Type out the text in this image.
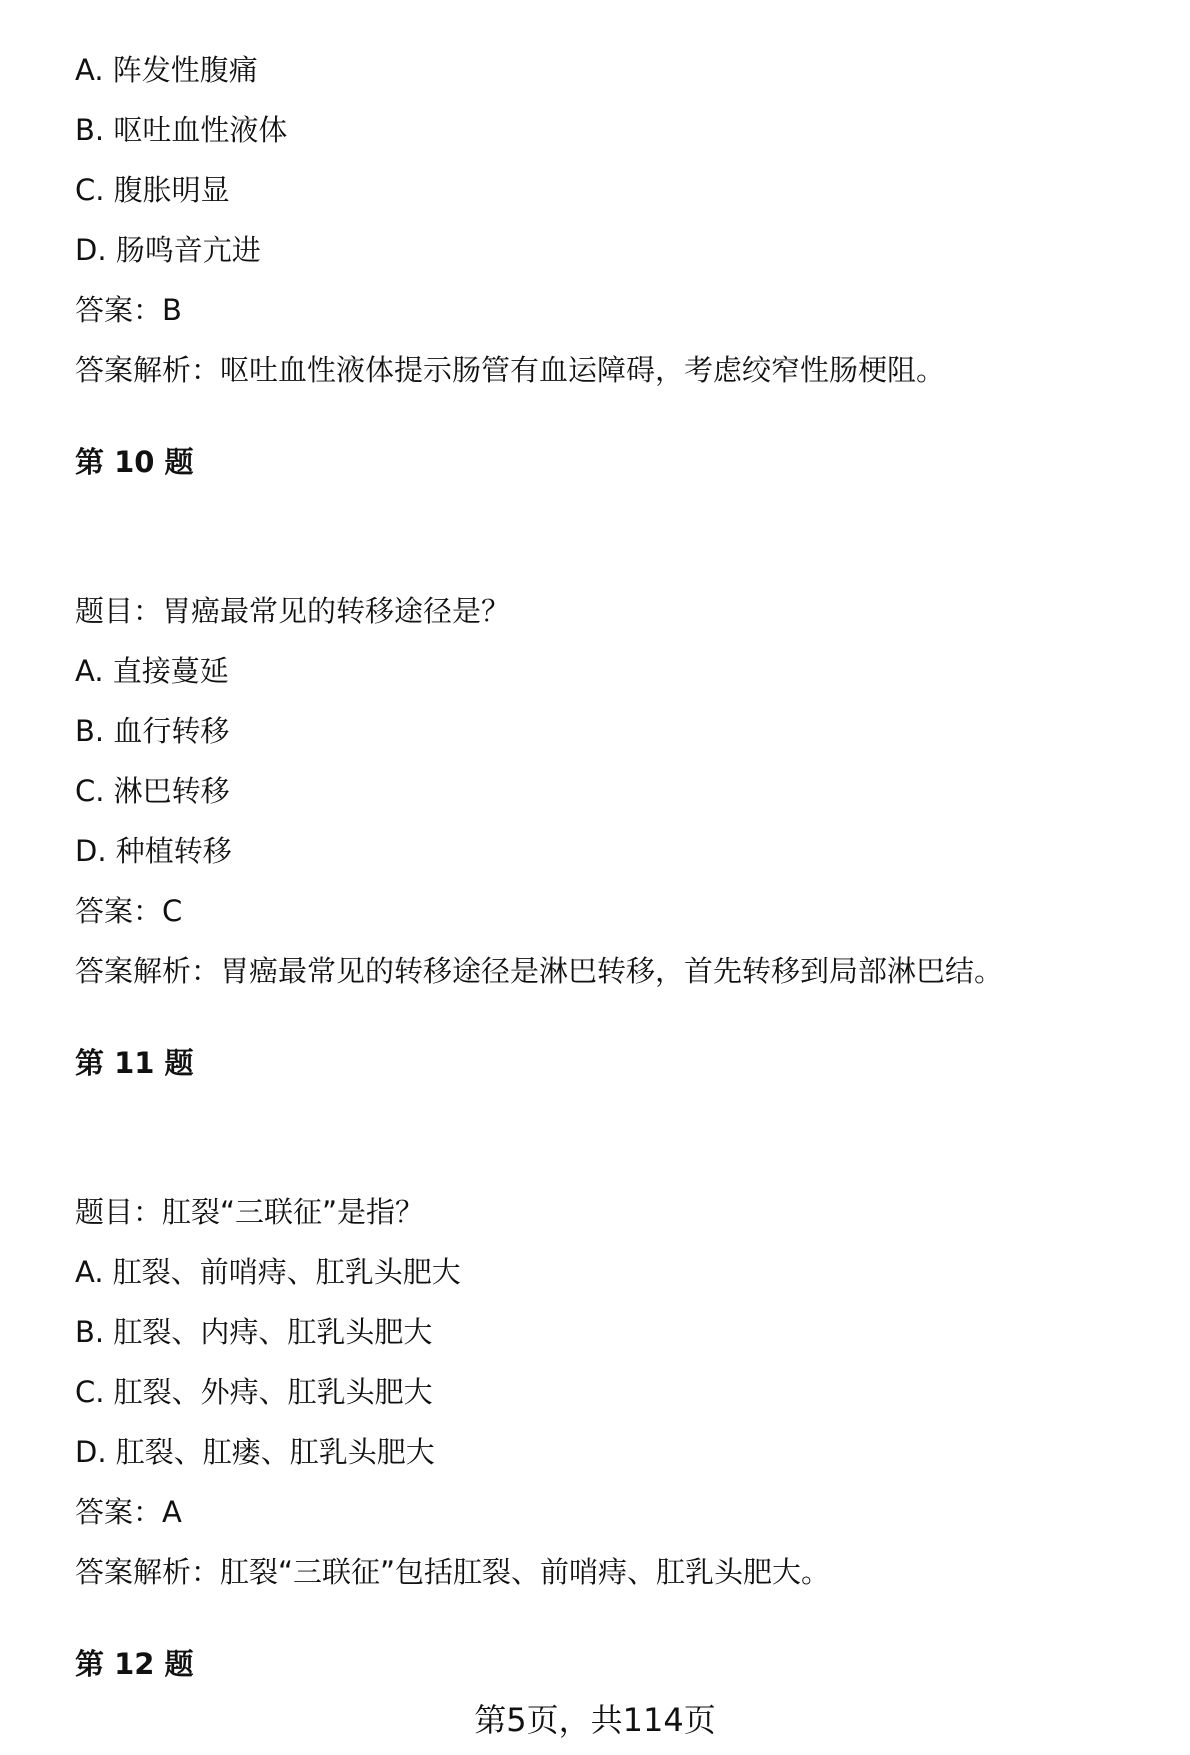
A. 阵发性腹痛
B. 呕吐血性液体
C. 腹胀明显
D. 肠鸣音亢进
答案：B
答案解析：呕吐血性液体提示肠管有血运障碍，考虑绞窄性肠梗阻。
第 10 题
题目：胃癌最常见的转移途径是？
A. 直接蔓延
B. 血行转移
C. 淋巴转移
D. 种植转移
答案：C
答案解析：胃癌最常见的转移途径是淋巴转移，首先转移到局部淋巴结。
第 11 题
题目：肛裂“三联征”是指？
A. 肛裂、前哨痔、肛乳头肥大
B. 肛裂、内痔、肛乳头肥大
C. 肛裂、外痔、肛乳头肥大
D. 肛裂、肛瘘、肛乳头肥大
答案：A
答案解析：肛裂“三联征”包括肛裂、前哨痔、肛乳头肥大。
第 12 题
第5页，共114页
